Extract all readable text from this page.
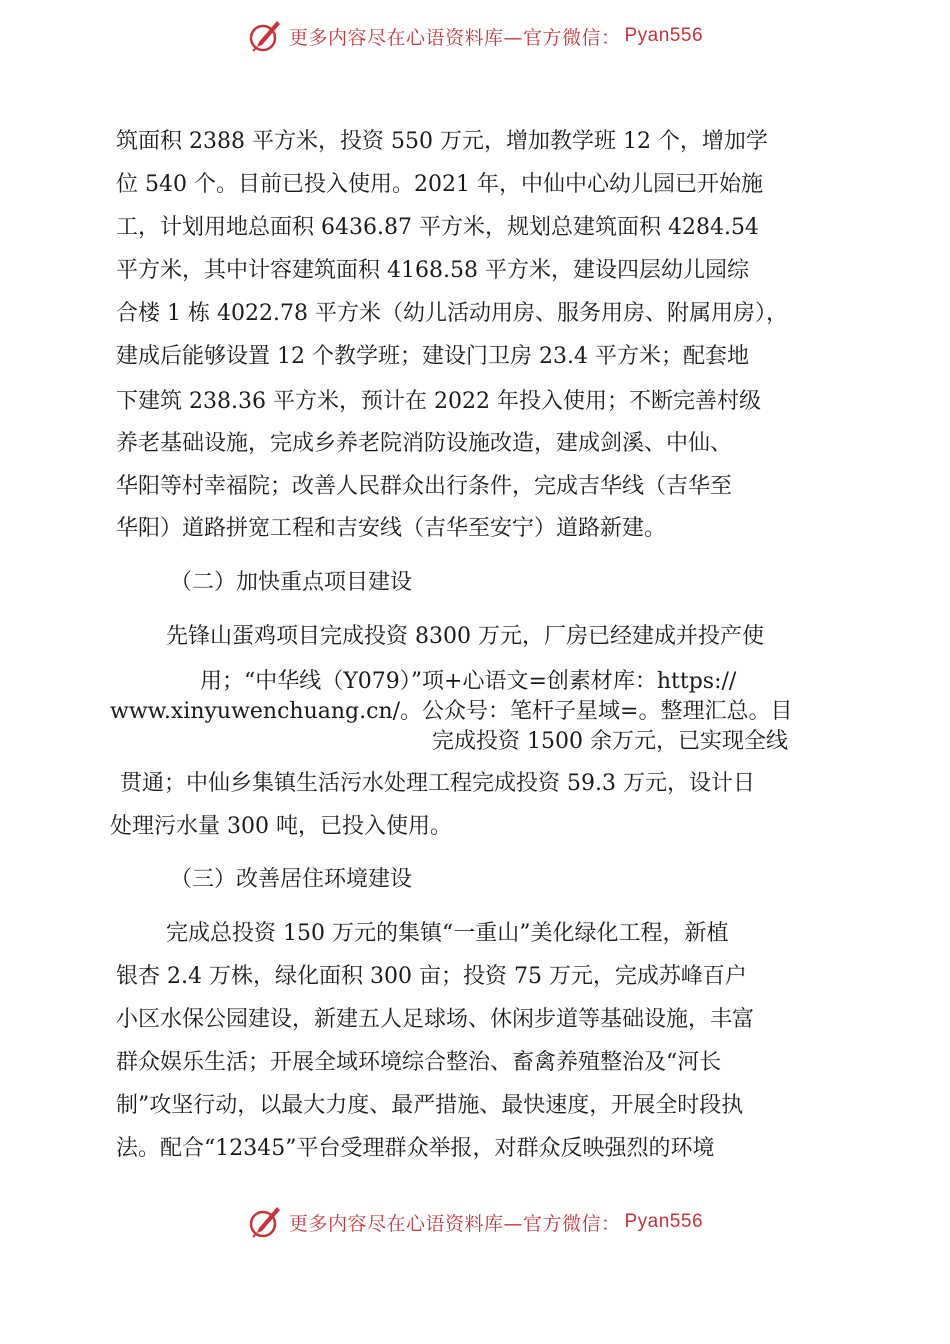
更多内容尽在心语资料库—官方微信： Pyan556
筑面积 2388 平方米，投资 550 万元，增加教学班 12 个，增加学
位 540 个。目前已投入使用。2021 年，中仙中心幼儿园已开始施
工，计划用地总面积 6436.87 平方米，规划总建筑面积 4284.54
平方米，其中计容建筑面积 4168.58 平方米，建设四层幼儿园综
合楼 1 栋 4022.78 平方米（幼儿活动用房、服务用房、附属用房），
建成后能够设置 12 个教学班；建设门卫房 23.4 平方米；配套地
下建筑 238.36 平方米，预计在 2022 年投入使用；不断完善村级
养老基础设施，完成乡养老院消防设施改造，建成剑溪、中仙、
华阳等村幸福院；改善人民群众出行条件，完成吉华线（吉华至
华阳）道路拼宽工程和吉安线（吉华至安宁）道路新建。
（二）加快重点项目建设
先锋山蛋鸡项目完成投资 8300 万元，厂房已经建成并投产使
用；“中华线（Y079）”项+心语文=创素材库：https://
www.xinyuwenchuang.cn/。公众号：笔杆子星域=。整理汇总。目
完成投资 1500 余万元，已实现全线
贯通；中仙乡集镇生活污水处理工程完成投资 59.3 万元，设计日
处理污水量 300 吨，已投入使用。
（三）改善居住环境建设
完成总投资 150 万元的集镇“一重山”美化绿化工程，新植
银杏 2.4 万株，绿化面积 300 亩；投资 75 万元，完成苏峰百户
小区水保公园建设，新建五人足球场、休闲步道等基础设施，丰富
群众娱乐生活；开展全域环境综合整治、畜禽养殖整治及“河长
制”攻坚行动，以最大力度、最严措施、最快速度，开展全时段执
法。配合“12345”平台受理群众举报，对群众反映强烈的环境
更多内容尽在心语资料库—官方微信： Pyan556
